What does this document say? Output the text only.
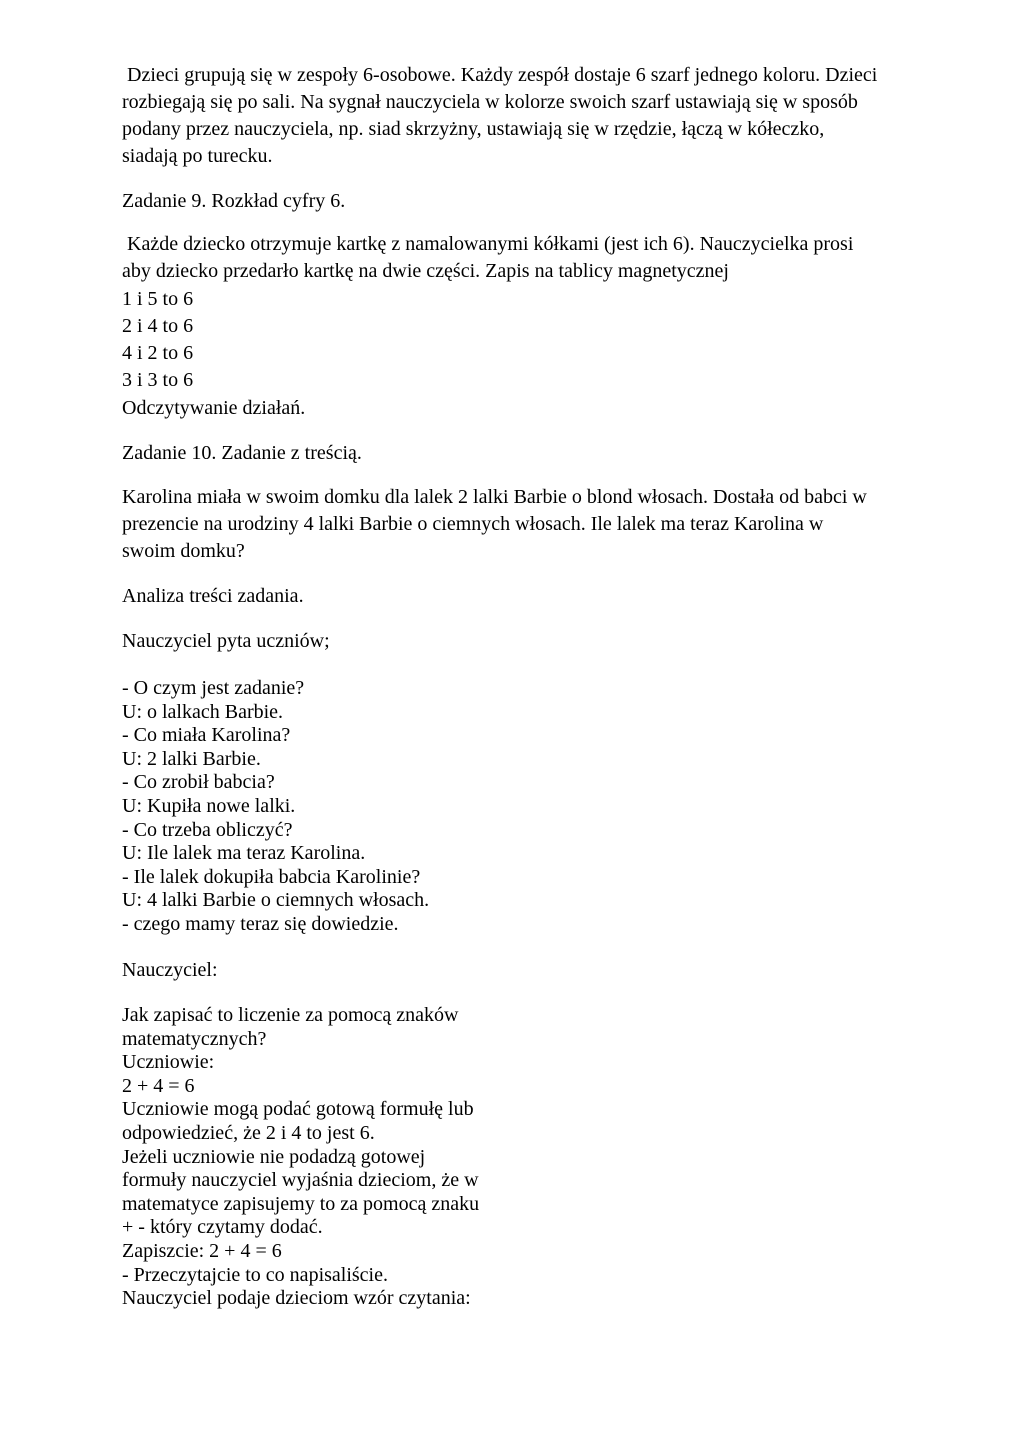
Dzieci grupują się w zespoły 6-osobowe. Każdy zespół dostaje 6 szarf jednego koloru. Dzieci
rozbiegają się po sali. Na sygnał nauczyciela w kolorze swoich szarf ustawiają się w sposób
podany przez nauczyciela, np. siad skrzyżny, ustawiają się w rzędzie, łączą w kółeczko,
siadają po turecku.
Zadanie 9. Rozkład cyfry 6.
Każde dziecko otrzymuje kartkę z namalowanymi kółkami (jest ich 6). Nauczycielka prosi
aby dziecko przedarło kartkę na dwie części. Zapis na tablicy magnetycznej
1 i 5 to 6
2 i 4 to 6
4 i 2 to 6
3 i 3 to 6
Odczytywanie działań.
Zadanie 10. Zadanie z treścią.
Karolina miała w swoim domku dla lalek 2 lalki Barbie o blond włosach. Dostała od babci w
prezencie na urodziny 4 lalki Barbie o ciemnych włosach. Ile lalek ma teraz Karolina w
swoim domku?
Analiza treści zadania.
Nauczyciel pyta uczniów;
- O czym jest zadanie?
U: o lalkach Barbie.
- Co miała Karolina?
U: 2 lalki Barbie.
- Co zrobił babcia?
U: Kupiła nowe lalki.
- Co trzeba obliczyć?
U: Ile lalek ma teraz Karolina.
- Ile lalek dokupiła babcia Karolinie?
U: 4 lalki Barbie o ciemnych włosach.
- czego mamy teraz się dowiedzie.
Nauczyciel:
Jak zapisać to liczenie za pomocą znaków
matematycznych?
Uczniowie:
2 + 4 = 6
Uczniowie mogą podać gotową formułę lub
odpowiedzieć, że 2 i 4 to jest 6.
Jeżeli uczniowie nie podadzą gotowej
formuły nauczyciel wyjaśnia dzieciom, że w
matematyce zapisujemy to za pomocą znaku
+ - który czytamy dodać.
Zapiszcie: 2 + 4 = 6
- Przeczytajcie to co napisaliście.
Nauczyciel podaje dzieciom wzór czytania:
